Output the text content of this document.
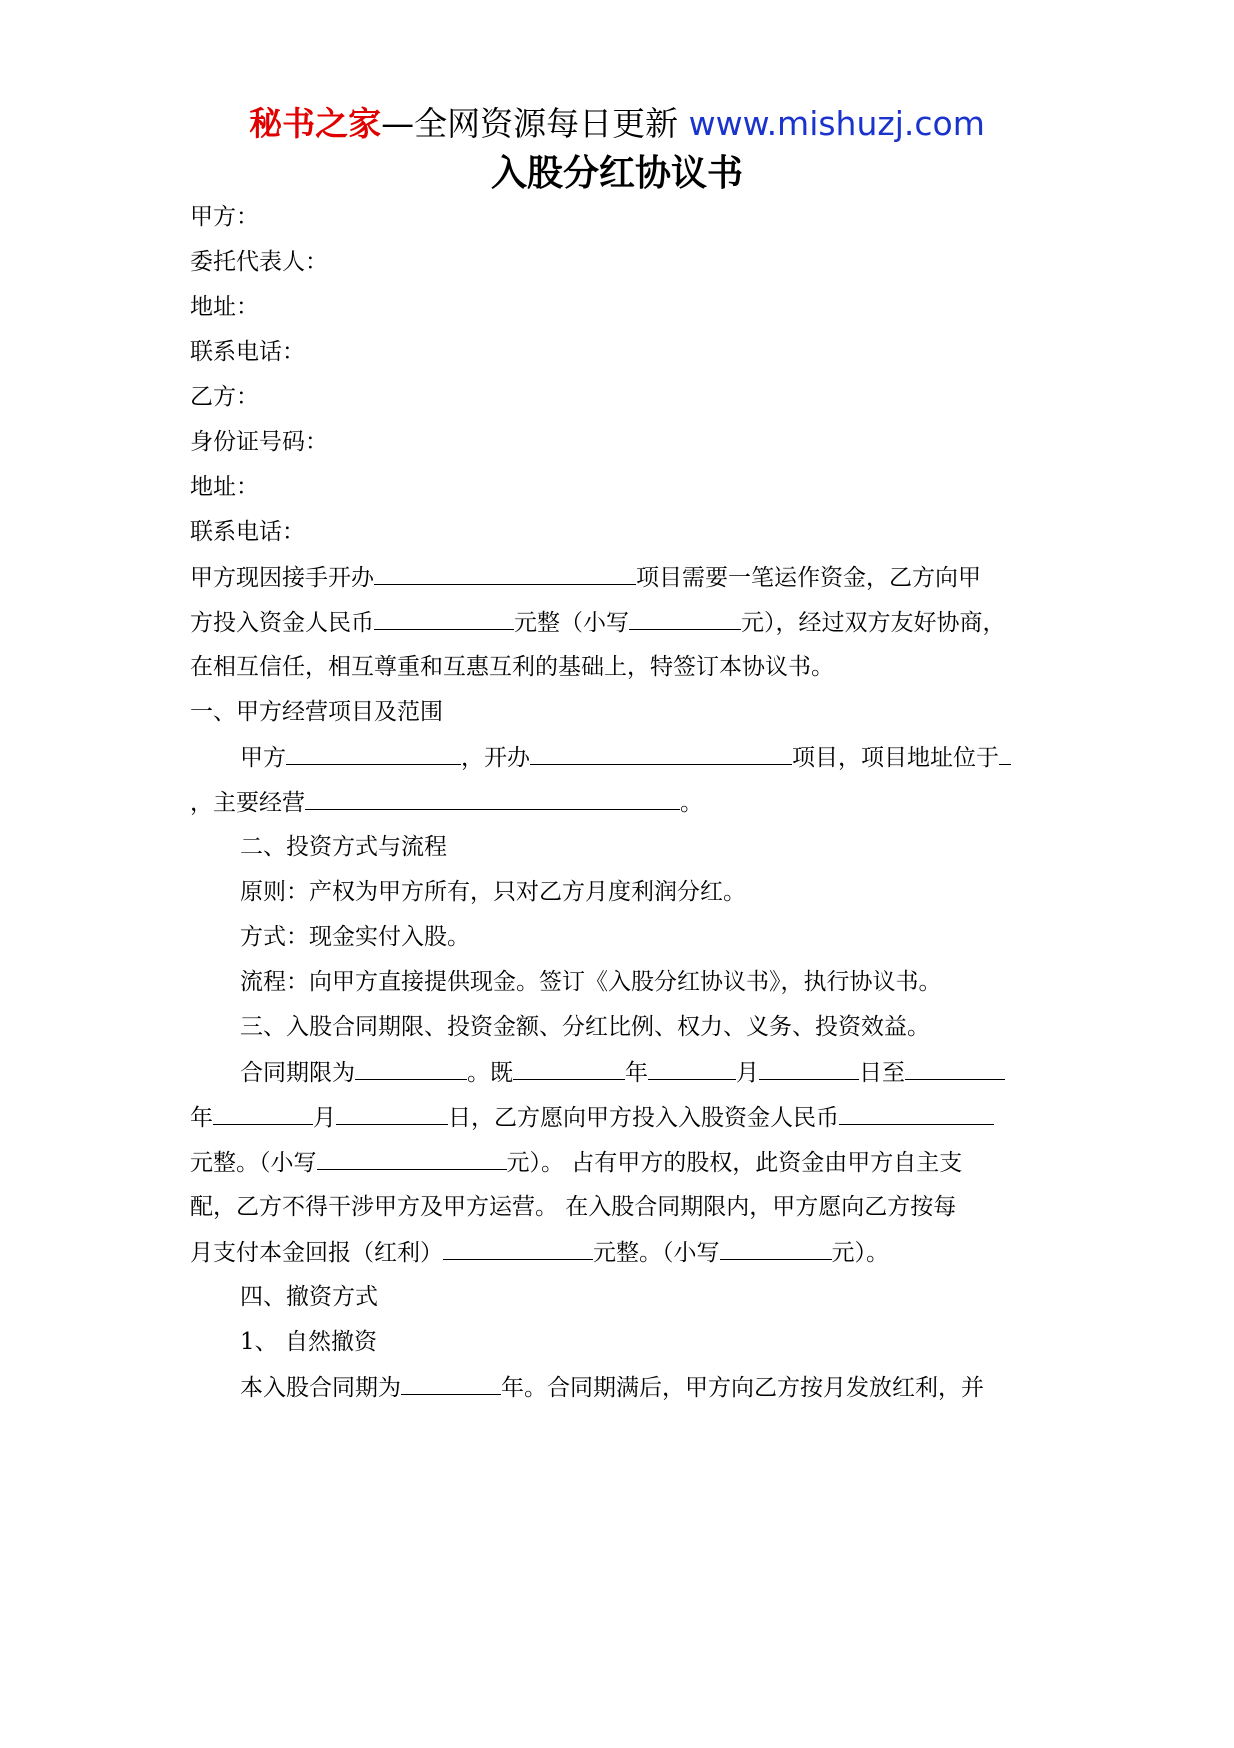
秘书之家—全网资源每日更新 www.mishuzj.com
入股分红协议书
甲方：
委托代表人：
地址：
联系电话：
乙方：
身份证号码：
地址：
联系电话：
甲方现因接手开办	项目需要一笔运作资金，乙方向甲
方投入资金人民币	元整（小写	元），经过双方友好协商，
在相互信任，相互尊重和互惠互利的基础上，特签订本协议书。
一、甲方经营项目及范围
甲方	，开办	项目，项目地址位于
，主要经营	。
二、投资方式与流程
原则：产权为甲方所有，只对乙方月度利润分红。
方式：现金实付入股。
流程：向甲方直接提供现金。签订《入股分红协议书》，执行协议书。
三、入股合同期限、投资金额、分红比例、权力、义务、投资效益。
合同期限为	。既	年	月	日至
年	月	日，乙方愿向甲方投入入股资金人民币
元整。（小写	元）。 占有甲方的股权，此资金由甲方自主支
配，乙方不得干涉甲方及甲方运营。 在入股合同期限内，甲方愿向乙方按每
月支付本金回报（红利）	元整。（小写	元）。
四、撤资方式
1、 自然撤资
本入股合同期为	年。合同期满后，甲方向乙方按月发放红利，并
